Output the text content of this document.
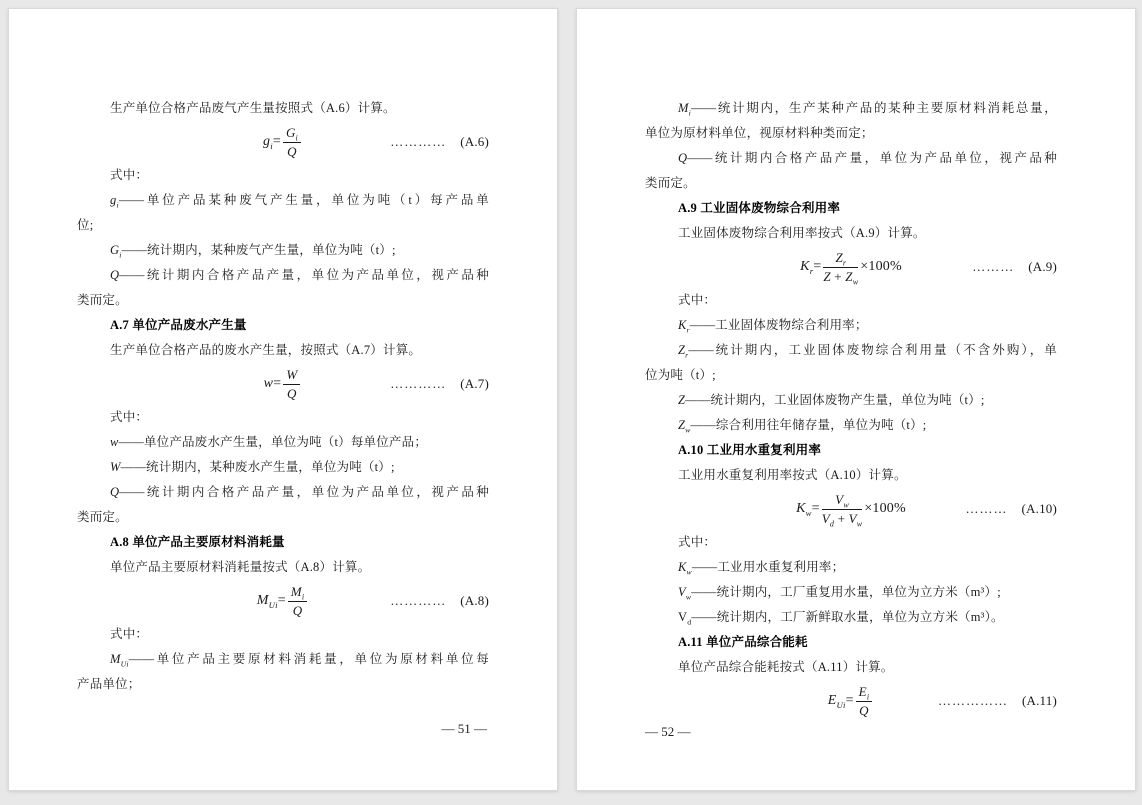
生产单位合格产品废气产生量按照式（A.6）计算。
$g_i = \frac{G_i}{Q}$	………… (A.6)
式中：
$g_i——$单位产品某种废气产生量，单位为吨（t）每产品单
位;
$G_i——$统计期内，某种废气产生量，单位为吨（t）;
Q——统计期内合格产品产量，单位为产品单位，视产品种
类而定。
A.7 单位产品废水产生量
生产单位合格产品的废水产生量，按照式（A.7）计算。
$w = \frac{W}{Q}$	………… (A.7)
式中：
w——单位产品废水产生量，单位为吨（t）每单位产品；
W——统计期内，某种废水产生量，单位为吨（t）;
Q——统计期内合格产品产量，单位为产品单位，视产品种
类而定。
A.8 单位产品主要原材料消耗量
单位产品主要原材料消耗量按式（A.8）计算。
$M_{Ui} = \frac{M_i}{Q}$	………… (A.8)
式中：
$M_{Ui}——$单位产品主要原材料消耗量，单位为原材料单位每
产品单位；
— 51 —
$M_i——$统计期内，生产某种产品的某种主要原材料消耗总量，
单位为原材料单位，视原材料种类而定；
Q——统计期内合格产品产量，单位为产品单位，视产品种
类而定。
A.9 工业固体废物综合利用率
工业固体废物综合利用率按式（A.9）计算。
$K_r = \frac{Z_r}{Z + Z_w} \times 100\%$	……… (A.9)
式中：
$K_r——$工业固体废物综合利用率；
$Z_r——$统计期内，工业固体废物综合利用量（不含外购），单
位为吨（t）;
Z——统计期内，工业固体废物产生量，单位为吨（t）;
$Z_w——$综合利用往年储存量，单位为吨（t）;
A.10 工业用水重复利用率
工业用水重复利用率按式（A.10）计算。
$K_w = \frac{V_w}{V_d + V_w} \times 100\%$	……… (A.10)
式中：
$K_w——$工业用水重复利用率；
$V_w——$统计期内，工厂重复用水量，单位为立方米（m³）;
$V_d——$统计期内，工厂新鲜取水量，单位为立方米（m³）。
A.11 单位产品综合能耗
单位产品综合能耗按式（A.11）计算。
$E_{Ui} = \frac{E_i}{Q}$	…………… (A.11)
— 52 —
